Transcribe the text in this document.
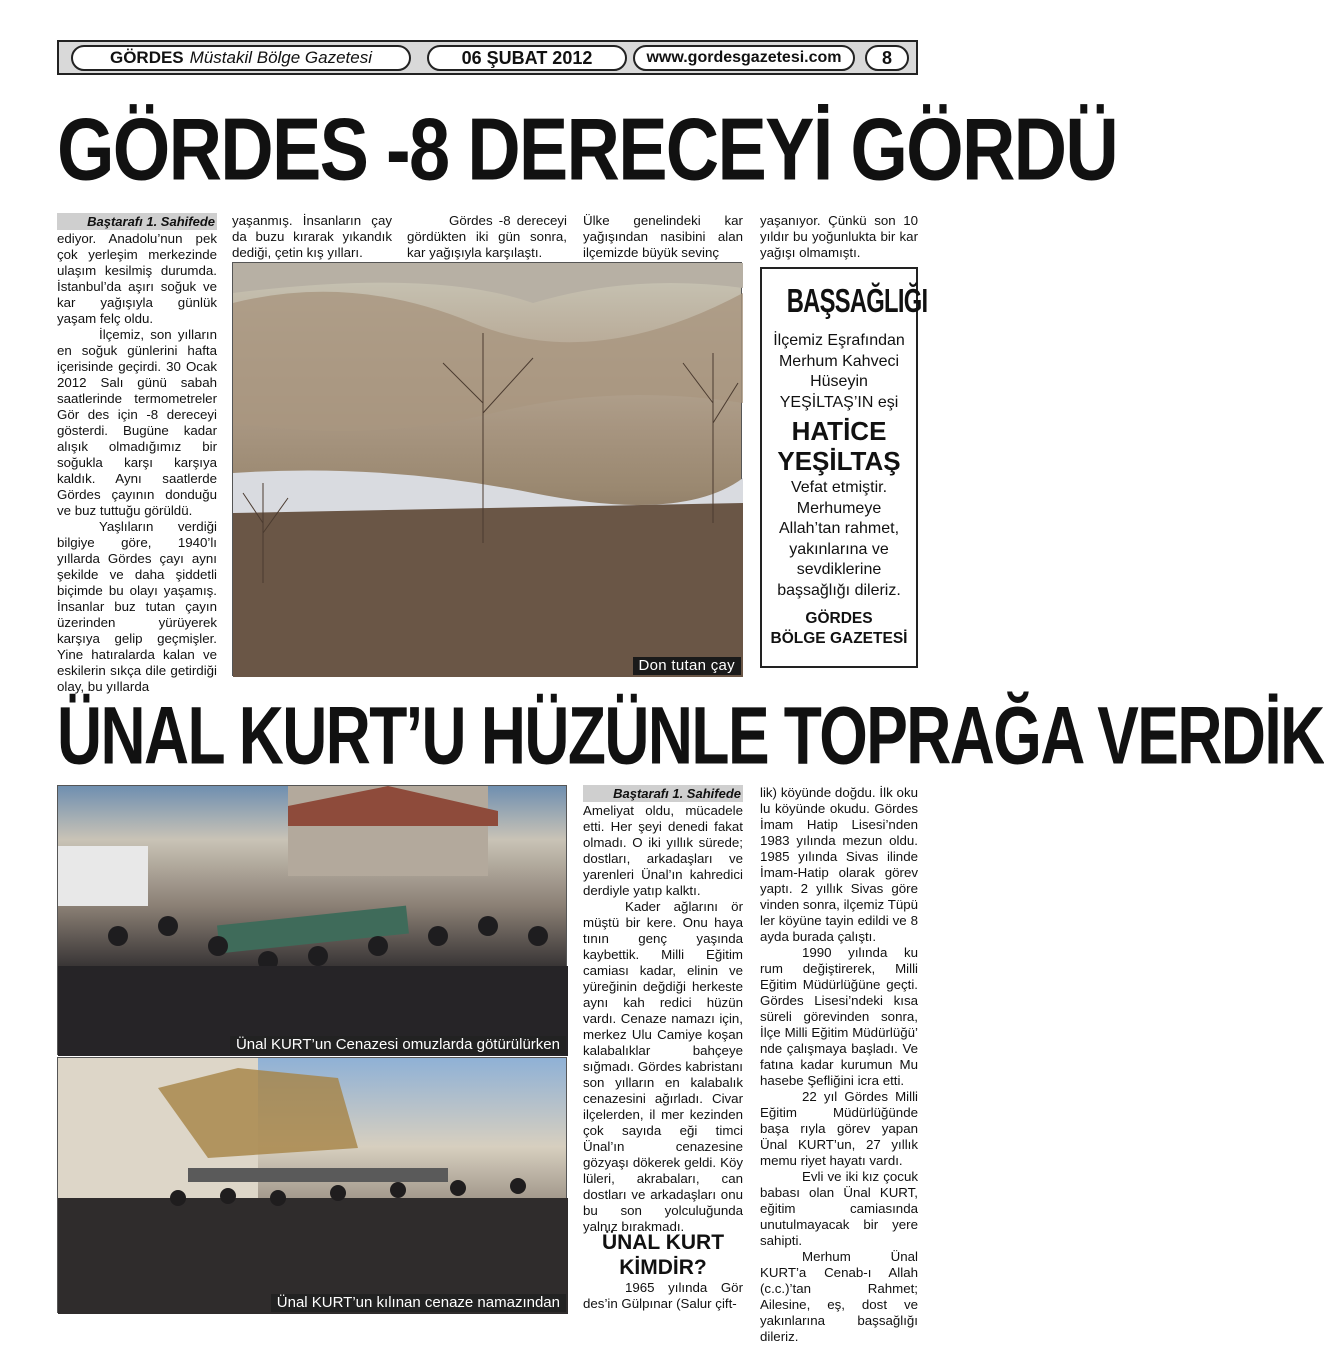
GÖRDES Müstakil Bölge Gazetesi	06 ŞUBAT 2012	www.gordesgazetesi.com	8
GÖRDES -8 DERECEYİ GÖRDÜ
Baştarafı 1. Sahifede

ediyor. Anadolu’nun pek çok yerleşim merkezinde ulaşım kesilmiş durumda. İstanbul’da aşırı soğuk ve kar yağışıyla günlük yaşam felç oldu.

İlçemiz, son yılların en soğuk günlerini hafta içerisinde geçirdi. 30 Ocak 2012 Salı günü sabah saatlerinde termometreler Gör des için -8 dereceyi gösterdi. Bugüne kadar alışık olmadığımız bir soğukla karşı karşıya kaldık. Aynı saatlerde Gördes çayının donduğu ve buz tuttuğu görüldü.

Yaşlıların verdiği bilgiye göre, 1940’lı yıllarda Gördes çayı aynı şekilde ve daha şiddetli biçimde bu olayı yaşamış. İnsanlar buz tutan çayın üzerinden yürüyerek karşıya gelip geçmişler. Yine hatıralarda kalan ve eskilerin sıkça dile getirdiği olay, bu yıllarda

yaşanmış. İnsanların çay da buzu kırarak yıkandık dediği, çetin kış yılları.

Gördes -8 dereceyi gördükten iki gün sonra, kar yağışıyla karşılaştı.

Ülke genelindeki kar yağışından nasibini alan ilçemizde büyük sevinç

yaşanıyor. Çünkü son 10 yıldır bu yoğunlukta bir kar yağışı olmamıştı.

Don tutan çay
BAŞSAĞLIĞI
İlçemiz Eşrafından
Merhum Kahveci
Hüseyin
YEŞİLTAŞ’IN eşi
HATİCE
YEŞİLTAŞ
Vefat etmiştir.
Merhumeye
Allah’tan rahmet,
yakınlarına ve
sevdiklerine
başsağlığı dileriz.
GÖRDES
BÖLGE GAZETESİ
ÜNAL KURT’U HÜZÜNLE TOPRAĞA VERDİK
Ünal KURT’un Cenazesi omuzlarda götürülürken
Ünal KURT’un kılınan cenaze namazından
Baştarafı 1. Sahifede

Ameliyat oldu, mücadele etti. Her şeyi denedi fakat olmadı. O iki yıllık sürede; dostları, arkadaşları ve yarenleri Ünal’ın kahredici derdiyle yatıp kalktı.

Kader ağlarını ör müştü bir kere. Onu haya tının genç yaşında kaybettik. Milli Eğitim camiası kadar, elinin ve yüreğinin değdiği herkeste aynı kah redici hüzün vardı. Cenaze namazı için, merkez Ulu Camiye koşan kalabalıklar bahçeye sığmadı. Gördes kabristanı son yılların en kalabalık cenazesini ağırladı. Civar ilçelerden, il mer kezinden çok sayıda eği timci Ünal’ın cenazesine gözyaşı dökerek geldi. Köy lüleri, akrabaları, can dostları ve arkadaşları onu bu son yolculuğunda yalnız bırakmadı.

ÜNAL KURT KİMDİR?

1965 yılında Gör des’in Gülpınar (Salur çift-

lik) köyünde doğdu. İlk oku lu köyünde okudu. Gördes İmam Hatip Lisesi’nden 1983 yılında mezun oldu. 1985 yılında Sivas ilinde İmam-Hatip olarak görev yaptı. 2 yıllık Sivas göre vinden sonra, ilçemiz Tüpü ler köyüne tayin edildi ve 8 ayda burada çalıştı.

1990 yılında ku rum değiştirerek, Milli Eğitim Müdürlüğüne geçti. Gördes Lisesi’ndeki kısa süreli görevinden sonra, İlçe Milli Eğitim Müdürlüğü’ nde çalışmaya başladı. Ve fatına kadar kurumun Mu hasebe Şefliğini icra etti.

22 yıl Gördes Milli Eğitim Müdürlüğünde başa rıyla görev yapan Ünal KURT’un, 27 yıllık memu riyet hayatı vardı.

Evli ve iki kız çocuk babası olan Ünal KURT, eğitim camiasında unutulmayacak bir yere sahipti.

Merhum Ünal KURT’a Cenab-ı Allah (c.c.)’tan Rahmet; Ailesine, eş, dost ve yakınlarına başsağlığı dileriz.
